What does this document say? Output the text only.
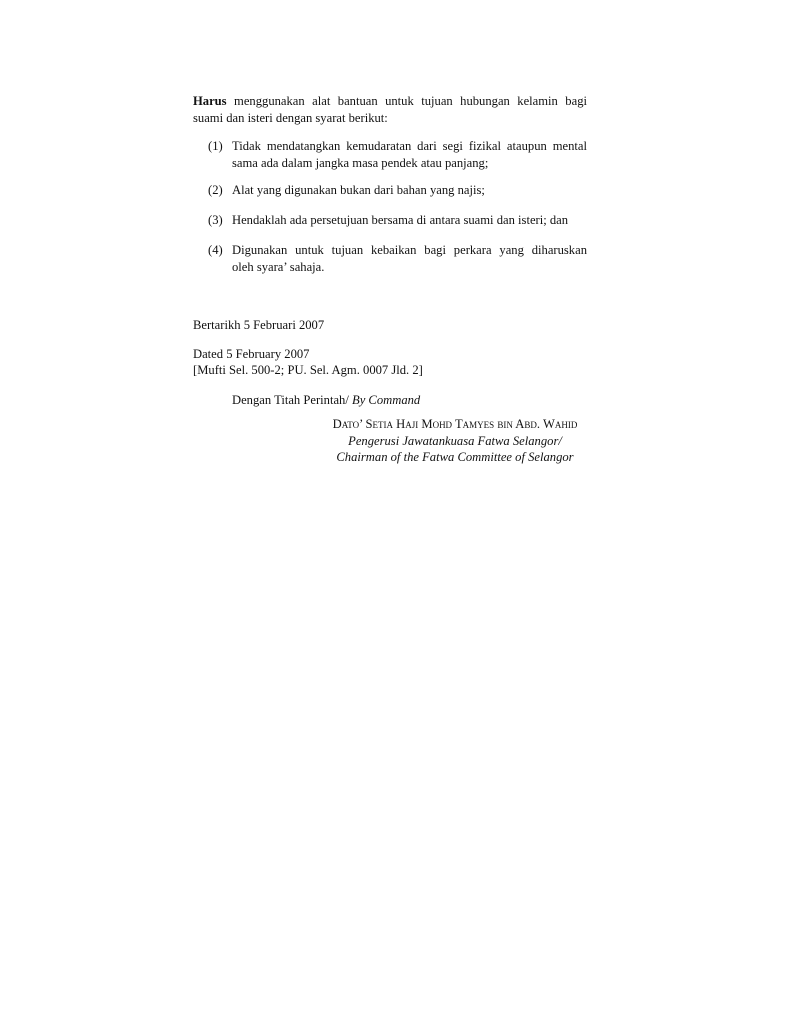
Harus menggunakan alat bantuan untuk tujuan hubungan kelamin bagi
suami dan isteri dengan syarat berikut:
(1) Tidak mendatangkan kemudaratan dari segi fizikal ataupun mental
sama ada dalam jangka masa pendek atau panjang;
(2) Alat yang digunakan bukan dari bahan yang najis;
(3) Hendaklah ada persetujuan bersama di antara suami dan isteri; dan
(4) Digunakan untuk tujuan kebaikan bagi perkara yang diharuskan
oleh syara’ sahaja.
Bertarikh 5 Februari 2007
Dated 5 February 2007
[Mufti Sel. 500-2; PU. Sel. Agm. 0007 Jld. 2]
Dengan Titah Perintah/ By Command
Dato’ Setia Haji Mohd Tamyes bin Abd. Wahid
Pengerusi Jawatankuasa Fatwa Selangor/
Chairman of the Fatwa Committee of Selangor
